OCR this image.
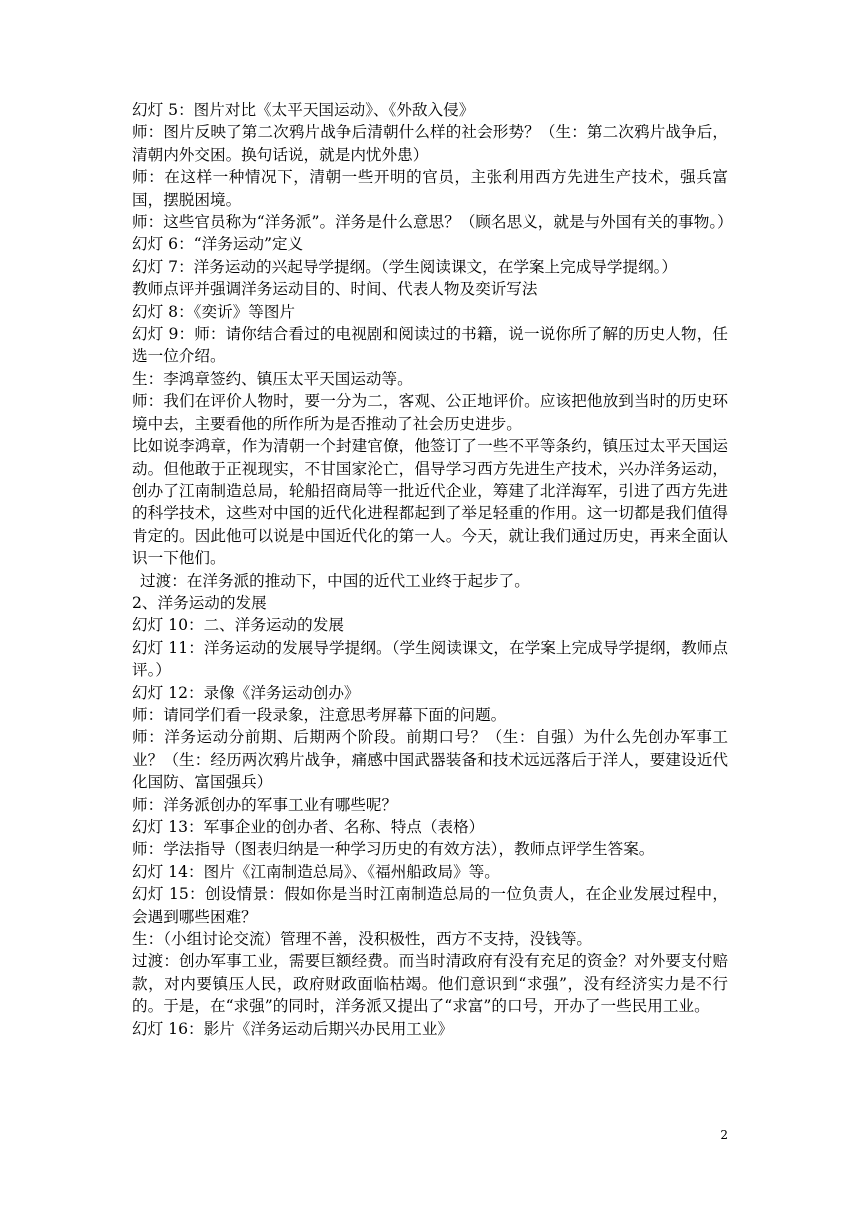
幻灯 5：图片对比《太平天国运动》、《外敌入侵》

师：图片反映了第二次鸦片战争后清朝什么样的社会形势？（生：第二次鸦片战争后，清朝内外交困。换句话说，就是内忧外患）

师：在这样一种情况下，清朝一些开明的官员，主张利用西方先进生产技术，强兵富国，摆脱困境。

师：这些官员称为“洋务派”。洋务是什么意思？（顾名思义，就是与外国有关的事物。）

幻灯 6：“洋务运动”定义

幻灯 7：洋务运动的兴起导学提纲。（学生阅读课文，在学案上完成导学提纲。）

教师点评并强调洋务运动目的、时间、代表人物及奕䜣写法

幻灯 8：《奕䜣》等图片

幻灯 9：师：请你结合看过的电视剧和阅读过的书籍，说一说你所了解的历史人物，任选一位介绍。

生：李鸿章签约、镇压太平天国运动等。

师：我们在评价人物时，要一分为二，客观、公正地评价。应该把他放到当时的历史环境中去，主要看他的所作所为是否推动了社会历史进步。

比如说李鸿章，作为清朝一个封建官僚，他签订了一些不平等条约，镇压过太平天国运动。但他敢于正视现实，不甘国家沦亡，倡导学习西方先进生产技术，兴办洋务运动，创办了江南制造总局，轮船招商局等一批近代企业，筹建了北洋海军，引进了西方先进的科学技术，这些对中国的近代化进程都起到了举足轻重的作用。这一切都是我们值得肯定的。因此他可以说是中国近代化的第一人。今天，就让我们通过历史，再来全面认识一下他们。

过渡：在洋务派的推动下，中国的近代工业终于起步了。

2、洋务运动的发展

幻灯 10：二、洋务运动的发展

幻灯 11：洋务运动的发展导学提纲。（学生阅读课文，在学案上完成导学提纲，教师点评。）

幻灯 12：录像《洋务运动创办》

师：请同学们看一段录象，注意思考屏幕下面的问题。

师：洋务运动分前期、后期两个阶段。前期口号？（生：自强）为什么先创办军事工业？（生：经历两次鸦片战争，痛感中国武器装备和技术远远落后于洋人，要建设近代化国防、富国强兵）

师：洋务派创办的军事工业有哪些呢？

幻灯 13：军事企业的创办者、名称、特点（表格）

师：学法指导（图表归纳是一种学习历史的有效方法），教师点评学生答案。

幻灯 14：图片《江南制造总局》、《福州船政局》等。

幻灯 15：创设情景：假如你是当时江南制造总局的一位负责人，在企业发展过程中，会遇到哪些困难？

生：（小组讨论交流）管理不善，没积极性，西方不支持，没钱等。

过渡：创办军事工业，需要巨额经费。而当时清政府有没有充足的资金？对外要支付赔款，对内要镇压人民，政府财政面临枯竭。他们意识到“求强”，没有经济实力是不行的。于是，在“求强”的同时，洋务派又提出了“求富”的口号，开办了一些民用工业。

幻灯 16：影片《洋务运动后期兴办民用工业》

2
